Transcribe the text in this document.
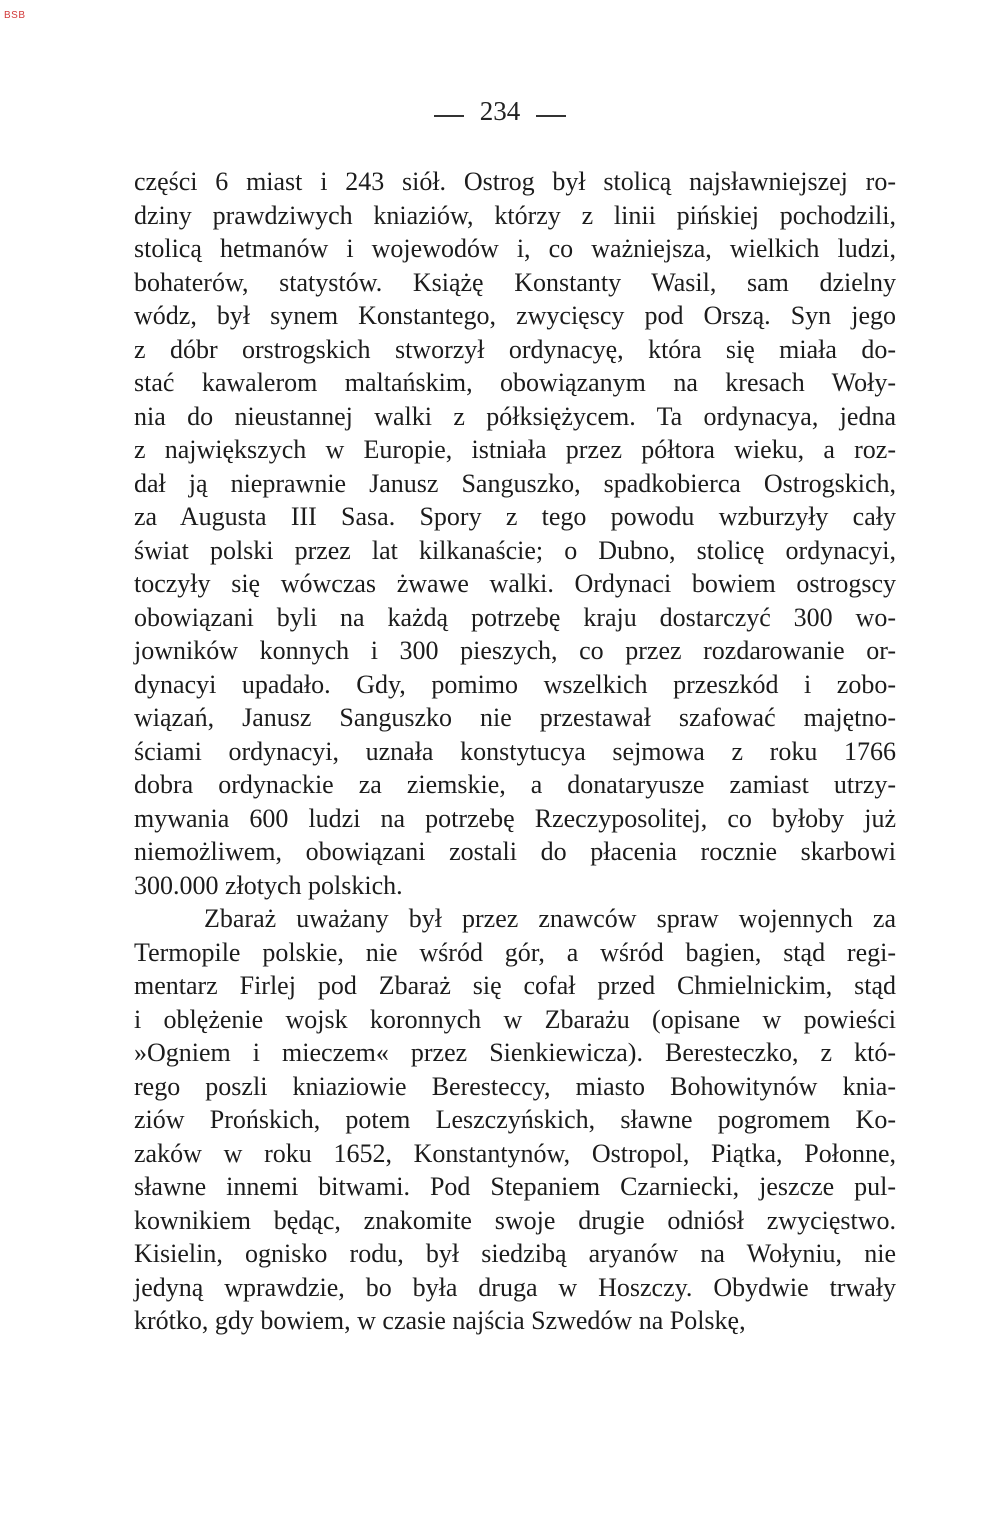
BSB
234
części 6 miast i 243 siół. Ostrog był stolicą najsławniejszej ro-
dziny prawdziwych kniaziów, którzy z linii pińskiej pochodzili,
stolicą hetmanów i wojewodów i, co ważniejsza, wielkich ludzi,
bohaterów, statystów. Książę Konstanty Wasil, sam dzielny
wódz, był synem Konstantego, zwycięscy pod Orszą. Syn jego
z dóbr orstrogskich stworzył ordynacyę, która się miała do-
stać kawalerom maltańskim, obowiązanym na kresach Woły-
nia do nieustannej walki z półksiężycem. Ta ordynacya, jedna
z największych w Europie, istniała przez półtora wieku, a roz-
dał ją nieprawnie Janusz Sanguszko, spadkobierca Ostrogskich,
za Augusta III Sasa. Spory z tego powodu wzburzyły cały
świat polski przez lat kilkanaście; o Dubno, stolicę ordynacyi,
toczyły się wówczas żwawe walki. Ordynaci bowiem ostrogscy
obowiązani byli na każdą potrzebę kraju dostarczyć 300 wo-
jowników konnych i 300 pieszych, co przez rozdarowanie or-
dynacyi upadało. Gdy, pomimo wszelkich przeszkód i zobo-
wiązań, Janusz Sanguszko nie przestawał szafować majętno-
ściami ordynacyi, uznała konstytucya sejmowa z roku 1766
dobra ordynackie za ziemskie, a donataryusze zamiast utrzy-
mywania 600 ludzi na potrzebę Rzeczyposolitej, co byłoby już
niemożliwem, obowiązani zostali do płacenia rocznie skarbowi
300.000 złotych polskich.
Zbaraż uważany był przez znawców spraw wojennych za
Termopile polskie, nie wśród gór, a wśród bagien, stąd regi-
mentarz Firlej pod Zbaraż się cofał przed Chmielnickim, stąd
i oblężenie wojsk koronnych w Zbarażu (opisane w powieści
»Ogniem i mieczem« przez Sienkiewicza). Beresteczko, z któ-
rego poszli kniaziowie Beresteccy, miasto Bohowitynów knia-
ziów Prońskich, potem Leszczyńskich, sławne pogromem Ko-
zaków w roku 1652, Konstantynów, Ostropol, Piątka, Połonne,
sławne innemi bitwami. Pod Stepaniem Czarniecki, jeszcze pul-
kownikiem będąc, znakomite swoje drugie odniósł zwycięstwo.
Kisielin, ognisko rodu, był siedzibą aryanów na Wołyniu, nie
jedyną wprawdzie, bo była druga w Hoszczy. Obydwie trwały
krótko, gdy bowiem, w czasie najścia Szwedów na Polskę,
